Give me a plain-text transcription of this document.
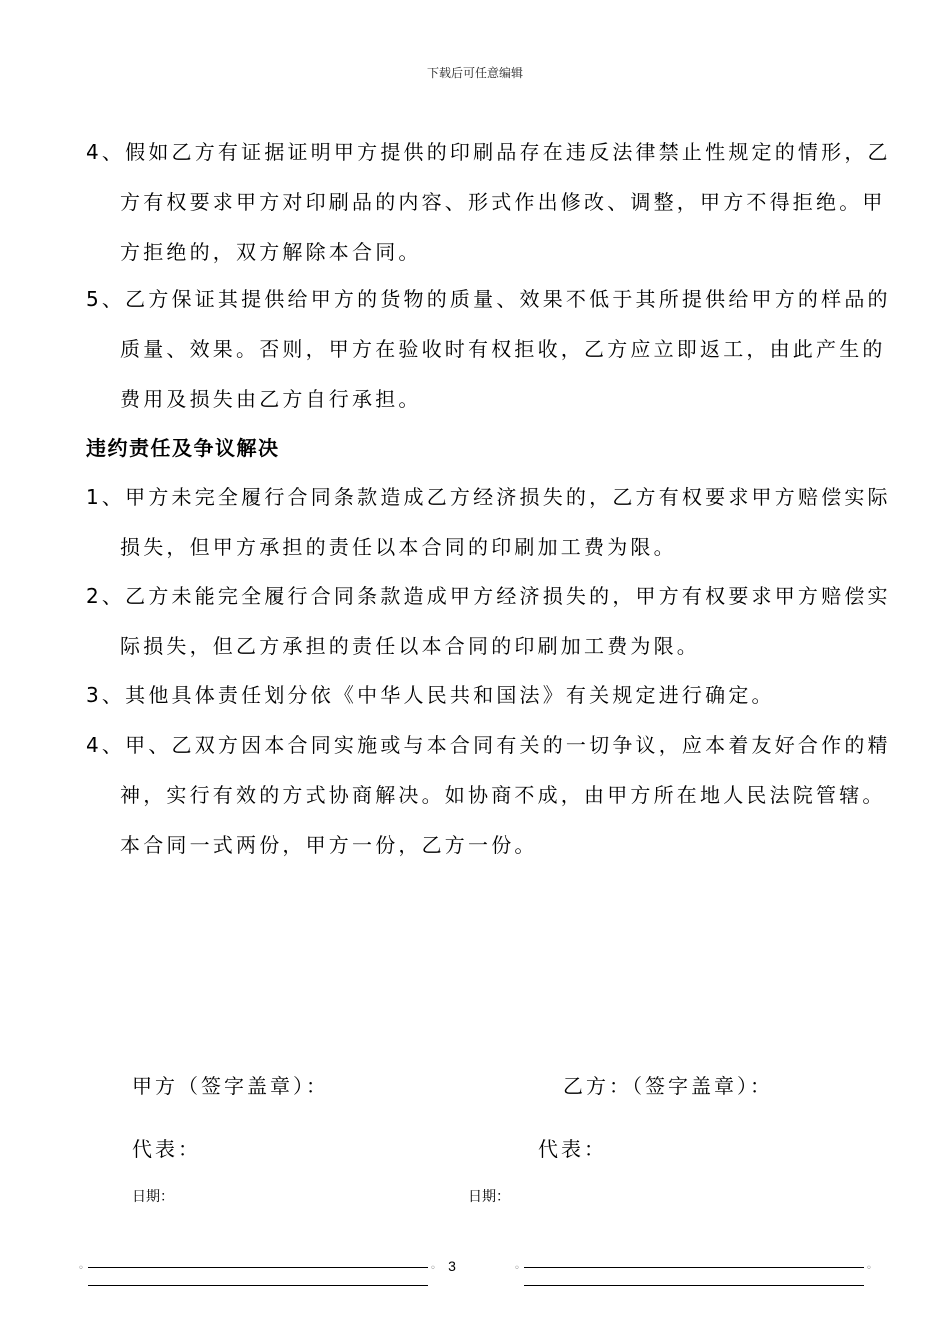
下载后可任意编辑
4、假如乙方有证据证明甲方提供的印刷品存在违反法律禁止性规定的情形，乙
方有权要求甲方对印刷品的内容、形式作出修改、调整，甲方不得拒绝。甲
方拒绝的，双方解除本合同。
5、乙方保证其提供给甲方的货物的质量、效果不低于其所提供给甲方的样品的
质量、效果。否则，甲方在验收时有权拒收，乙方应立即返工，由此产生的
费用及损失由乙方自行承担。
违约责任及争议解决
1、甲方未完全履行合同条款造成乙方经济损失的，乙方有权要求甲方赔偿实际
损失，但甲方承担的责任以本合同的印刷加工费为限。
2、乙方未能完全履行合同条款造成甲方经济损失的，甲方有权要求甲方赔偿实
际损失，但乙方承担的责任以本合同的印刷加工费为限。
3、其他具体责任划分依《中华人民共和国法》有关规定进行确定。
4、甲、乙双方因本合同实施或与本合同有关的一切争议，应本着友好合作的精
神，实行有效的方式协商解决。如协商不成，由甲方所在地人民法院管辖。
本合同一式两份，甲方一份，乙方一份。
甲方（签字盖章）：	乙方：（签字盖章）：
代表：	代表：
日期：	日期：
◦	◦ 3	◦	◦
